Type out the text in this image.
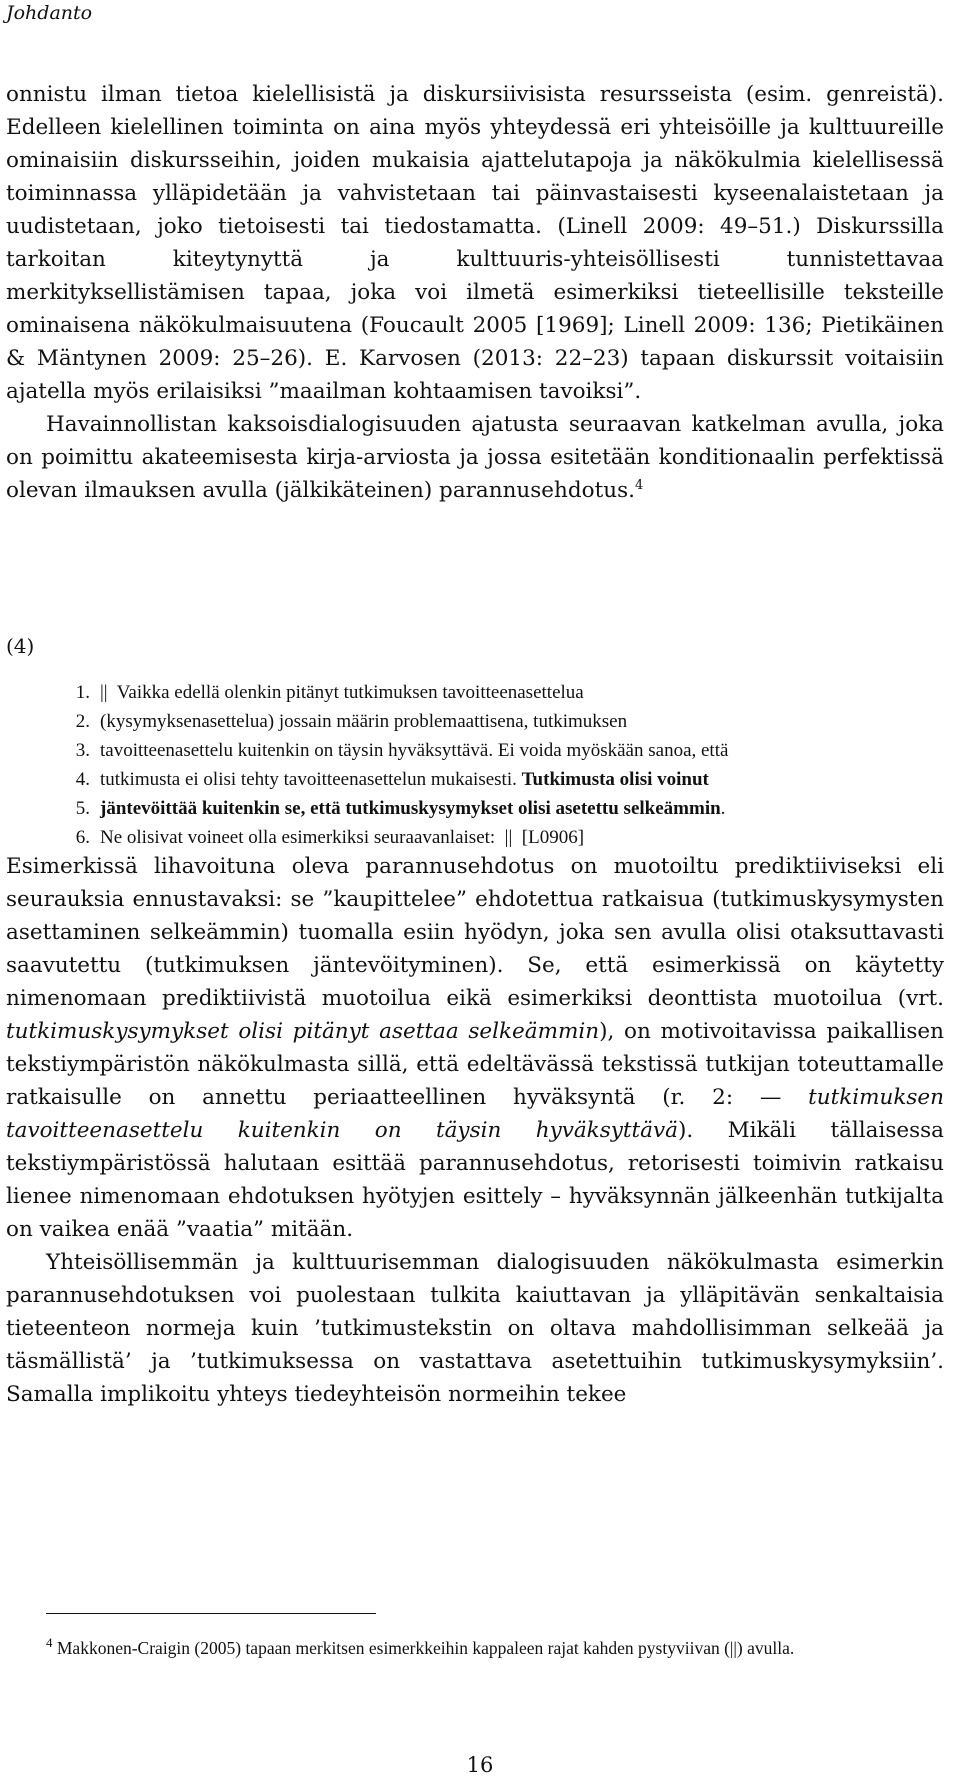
Johdanto

onnistu ilman tietoa kielellisistä ja diskursiivisista resursseista (esim. genreistä). Edelleen kielellinen toiminta on aina myös yhteydessä eri yhteisöille ja kulttuureille ominaisiin diskursseihin, joiden mukaisia ajattelutapoja ja näkökulmia kielellisessä toiminnassa ylläpidetään ja vahvistetaan tai päinvastaisesti kyseenalaistetaan ja uudistetaan, joko tietoisesti tai tiedostamatta. (Linell 2009: 49–51.) Diskurssilla tarkoitan kiteytynyttä ja kulttuuris-yhteisöllisesti tunnistettavaa merkityksellistämisen tapaa, joka voi ilmetä esimerkiksi tieteellisille teksteille ominaisena näkökulmaisuutena (Foucault 2005 [1969]; Linell 2009: 136; Pietikäinen & Mäntynen 2009: 25–26). E. Karvosen (2013: 22–23) tapaan diskurssit voitaisiin ajatella myös erilaisiksi ”maailman kohtaamisen tavoiksi”.

Havainnollistan kaksoisdialogisuuden ajatusta seuraavan katkelman avulla, joka on poimittu akateemisesta kirja-arviosta ja jossa esitetään konditionaalin perfektissä olevan ilmauksen avulla (jälkikäteinen) parannusehdotus.$^4$

(4)
1. ||  Vaikka edellä olenkin pitänyt tutkimuksen tavoitteenasettelua
2. (kysymyksenasettelua) jossain määrin problemaattisena, tutkimuksen
3. tavoitteenasettelu kuitenkin on täysin hyväksyttävä. Ei voida myöskään sanoa, että
4. tutkimusta ei olisi tehty tavoitteenasettelun mukaisesti. Tutkimusta olisi voinut
5. jäntevöittää kuitenkin se, että tutkimuskysymykset olisi asetettu selkeämmin.
6. Ne olisivat voineet olla esimerkiksi seuraavanlaiset:  ||  [L0906]

Esimerkissä lihavoituna oleva parannusehdotus on muotoiltu prediktiiviseksi eli seurauksia ennustavaksi: se ”kaupittelee” ehdotettua ratkaisua (tutkimuskysymysten asettaminen selkeämmin) tuomalla esiin hyödyn, joka sen avulla olisi otaksuttavasti saavutettu (tutkimuksen jäntevöityminen). Se, että esimerkissä on käytetty nimenomaan prediktiivistä muotoilua eikä esimerkiksi deonttista muotoilua (vrt. tutkimuskysymykset olisi pitänyt asettaa selkeämmin), on motivoitavissa paikallisen tekstiympäristön näkökulmasta sillä, että edeltävässä tekstissä tutkijan toteuttamalle ratkaisulle on annettu periaatteellinen hyväksyntä (r. 2: — tutkimuksen tavoitteenasettelu kuitenkin on täysin hyväksyttävä). Mikäli tällaisessa tekstiympäristössä halutaan esittää parannusehdotus, retorisesti toimivin ratkaisu lienee nimenomaan ehdotuksen hyötyjen esittely – hyväksynnän jälkeenhän tutkijalta on vaikea enää ”vaatia” mitään.

Yhteisöllisemmän ja kulttuurisemman dialogisuuden näkökulmasta esimerkin parannusehdotuksen voi puolestaan tulkita kaiuttavan ja ylläpitävän senkaltaisia tieteenteon normeja kuin ’tutkimustekstin on oltava mahdollisimman selkeää ja täsmällistä’ ja ’tutkimuksessa on vastattava asetettuihin tutkimuskysymyksiin’. Samalla implikoitu yhteys tiedeyhteisön normeihin tekee

$^4$ Makkonen-Craigin (2005) tapaan merkitsen esimerkkeihin kappaleen rajat kahden pystyviivan (||) avulla.
16
